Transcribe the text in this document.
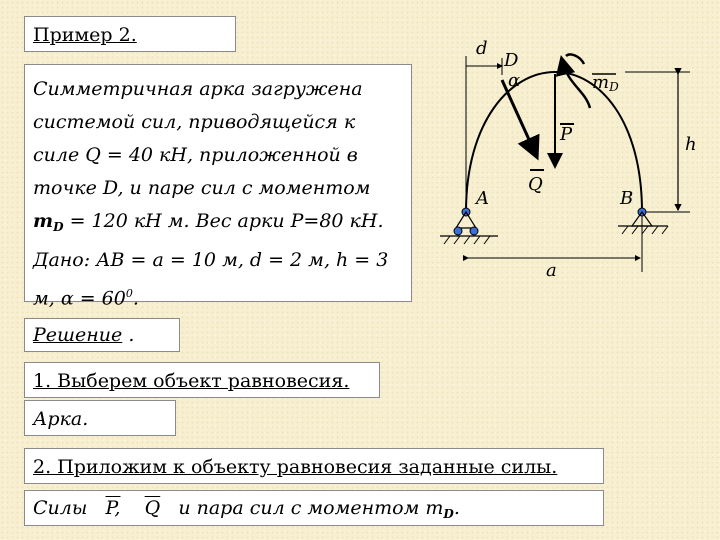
Пример 2.
Симметричная арка загружена
системой сил, приводящейся к
силе Q = 40 кН, приложенной в
точке D, и паре сил с моментом
$m_D = 120$ кН м. Вес арки P=80 кН.
Дано: АВ = а = 10 м, d = 2 м, h = 3
м, $\alpha = 60^0$.
Решение .
1. Выберем объект равновесия.
Арка.
2. Приложим к объекту равновесия заданные силы.
Силы P, $\overline{Q}$ и пара сил с моментом $m_D$.
d
D
α
Q
P
mD
h
A	B
a
